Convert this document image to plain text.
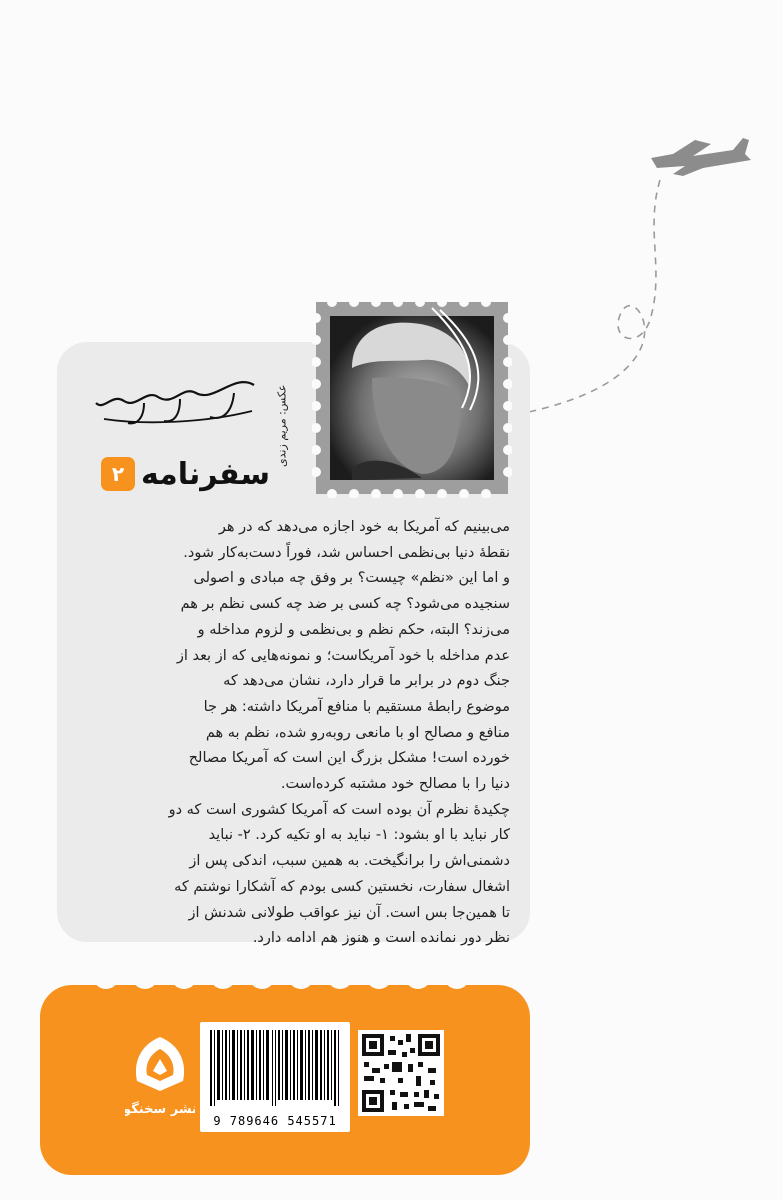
عکس: مریم زندی
سفرنامه
۲
می‌بینیم که آمریکا به خود اجازه می‌دهد که در هر
نقطهٔ دنیا بی‌نظمی احساس شد، فوراً دست‌به‌کار شود.
و اما این «نظم» چیست؟ بر وفق چه مبادی و اصولی
سنجیده می‌شود؟ چه کسی بر ضد چه کسی نظم بر هم
می‌زند؟ البته، حکم نظم و بی‌نظمی و لزوم مداخله و
عدم مداخله با خود آمریکاست؛ و نمونه‌هایی که از بعد از
جنگ دوم در برابر ما قرار دارد، نشان می‌دهد که
موضوع رابطهٔ مستقیم با منافع آمریکا داشته: هر جا
منافع و مصالح او با مانعی روبه‌رو شده، نظم به هم
خورده است! مشکل بزرگ این است که آمریکا مصالح
دنیا را با مصالح خود مشتبه کرده‌است.
چکیدهٔ نظرم آن بوده است که آمریکا کشوری است که دو
کار نباید با او بشود: ۱- نباید به او تکیه کرد. ۲- نباید
دشمنی‌اش را برانگیخت. به همین سبب، اندکی پس از
اشغال سفارت، نخستین کسی بودم که آشکارا نوشتم که
تا همین‌جا بس است. آن نیز عواقب طولانی شدنش از
نظر دور نمانده است و هنوز هم ادامه دارد.
9 789646 545571
نشر سخنگو
